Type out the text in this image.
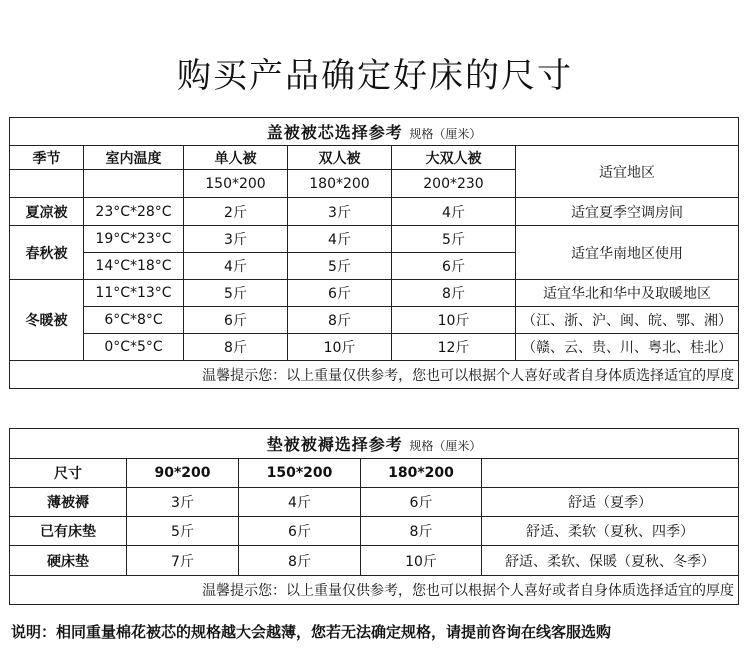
购买产品确定好床的尺寸
盖被被芯选择参考 规格（厘米）					
季节	室内温度	单人被	双人被	大双人被	适宜地区
		150*200	180*200	200*230	
夏凉被	23°C*28°C	2斤	3斤	4斤	适宜夏季空调房间
春秋被	19°C*23°C	3斤	4斤	5斤	适宜华南地区使用
	14°C*18°C	4斤	5斤	6斤	
冬暖被	11°C*13°C	5斤	6斤	8斤	适宜华北和华中及取暖地区
	6°C*8°C	6斤	8斤	10斤	（江、浙、沪、闽、皖、鄂、湘）
	0°C*5°C	8斤	10斤	12斤	（赣、云、贵、川、粤北、桂北）
温馨提示您：以上重量仅供参考，您也可以根据个人喜好或者自身体质选择适宜的厚度					
垫被被褥选择参考 规格（厘米）				
尺寸	90*200	150*200	180*200	
薄被褥	3斤	4斤	6斤	舒适（夏季）
已有床垫	5斤	6斤	8斤	舒适、柔软（夏秋、四季）
硬床垫	7斤	8斤	10斤	舒适、柔软、保暖（夏秋、冬季）
温馨提示您：以上重量仅供参考，您也可以根据个人喜好或者自身体质选择适宜的厚度				
说明：相同重量棉花被芯的规格越大会越薄，您若无法确定规格，请提前咨询在线客服选购
